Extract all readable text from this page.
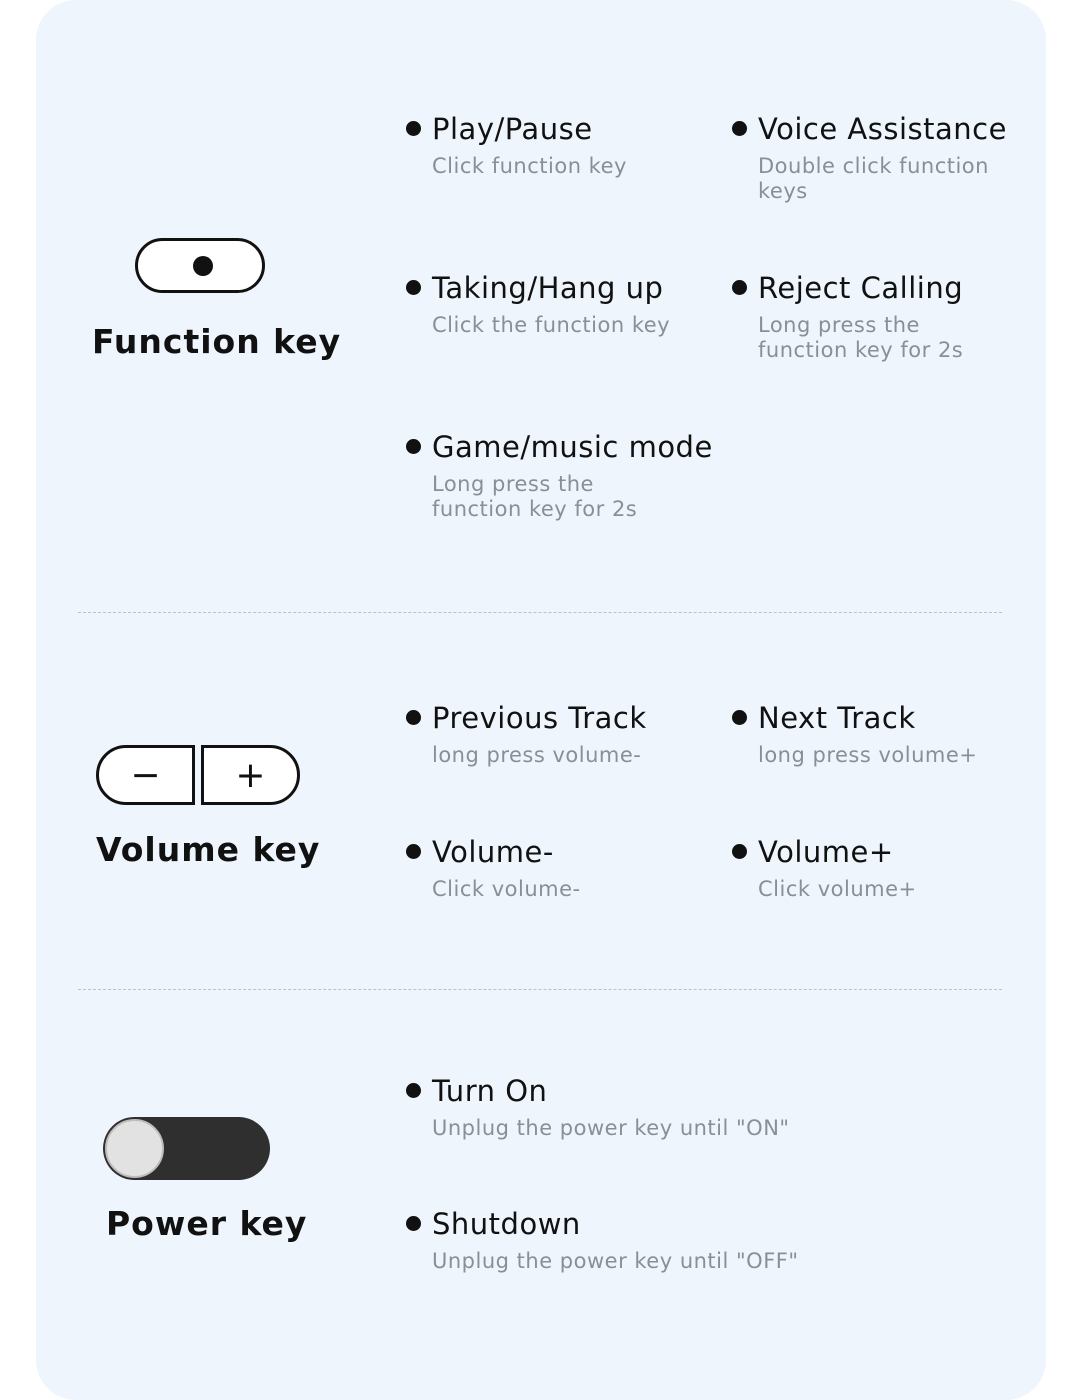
Function key
Play/Pause
Click function key
Voice Assistance
Double click function
keys
Taking/Hang up
Click the function key
Reject Calling
Long press the
function key for 2s
Game/music mode
Long press the
function key for 2s
−	+
Volume key
Previous Track
long press volume-
Next Track
long press volume+
Volume-
Click volume-
Volume+
Click volume+
Power key
Turn On
Unplug the power key until "ON"
Shutdown
Unplug the power key until "OFF"
